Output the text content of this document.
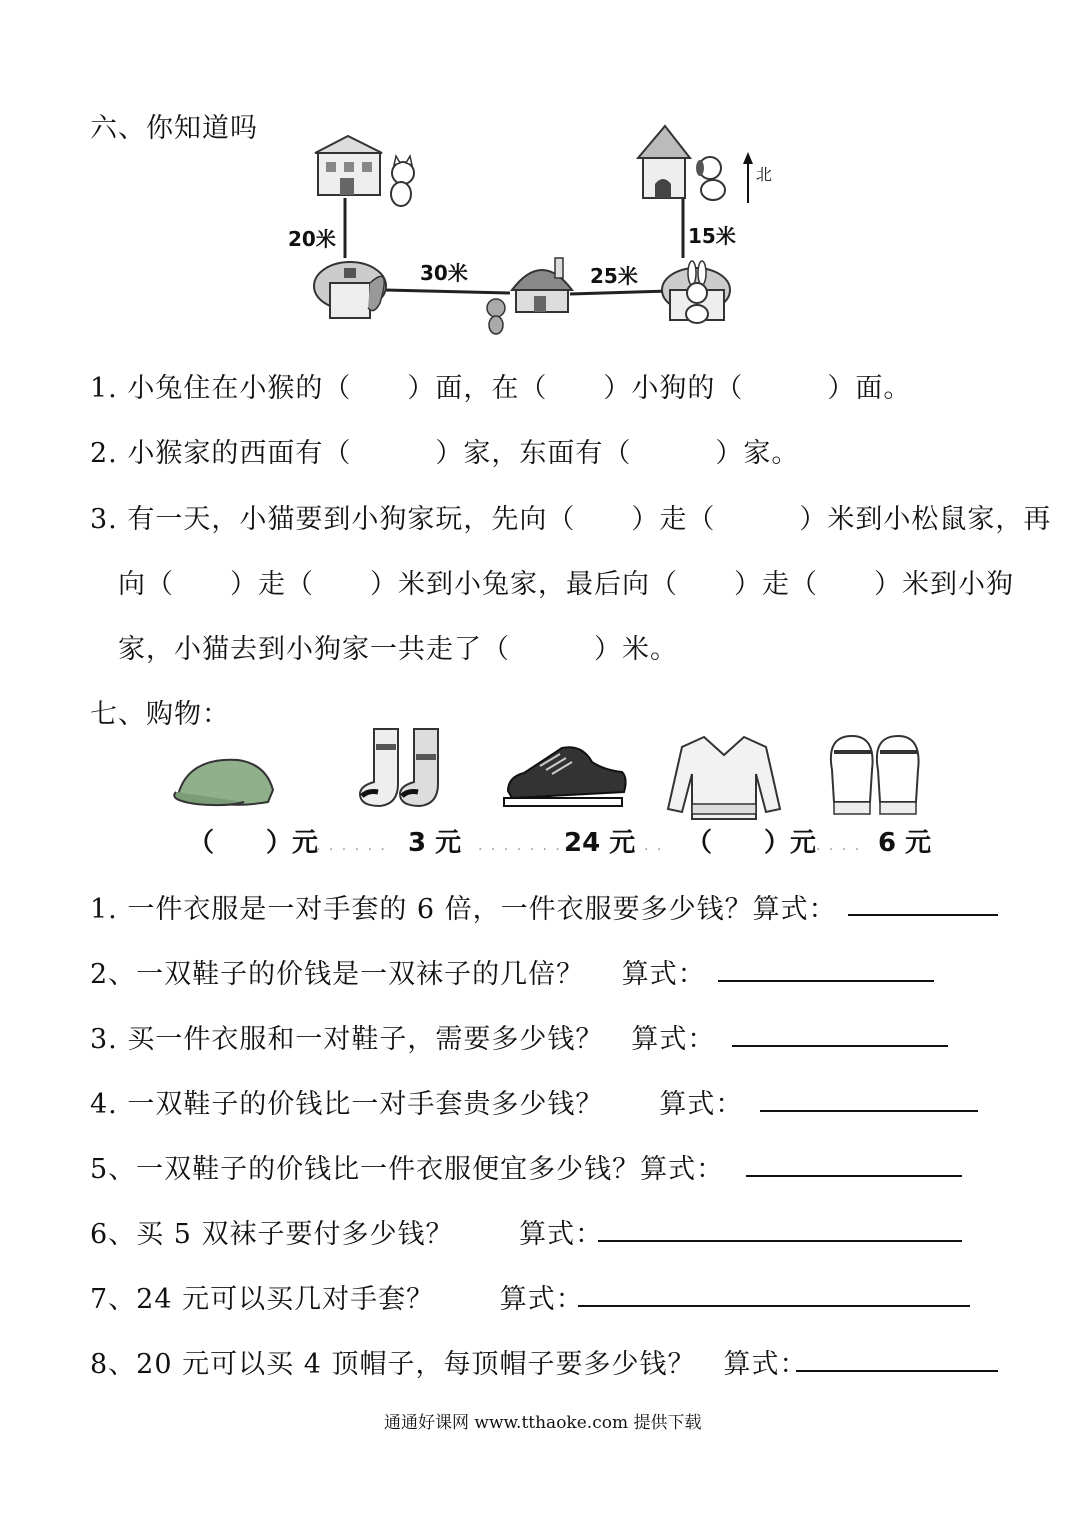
六、你知道吗
北
20米
30米	25米
15米
1. 小兔住在小猴的（　　）面，在（　　）小狗的（　　　）面。
2. 小猴家的西面有（　　　）家，东面有（　　　）家。
3. 有一天，小猫要到小狗家玩，先向（　　）走（　　　）米到小松鼠家，再
向（　　）走（　　）米到小兔家，最后向（　　）走（　　）米到小狗
家，小猫去到小狗家一共走了（　　　）米。
七、购物：
（　　）元
. . . . . . 3 元 . . . . . . . 24 元 . . （　　）元 . . . . 6 元
1. 一件衣服是一对手套的 6 倍，一件衣服要多少钱？算式：
2、一双鞋子的价钱是一双袜子的几倍？　 算式：
3. 买一件衣服和一对鞋子，需要多少钱？　算式：
4. 一双鞋子的价钱比一对手套贵多少钱？　　算式：
5、一双鞋子的价钱比一件衣服便宜多少钱？算式：
6、买 5 双袜子要付多少钱？　　 算式：
7、24 元可以买几对手套？　　 算式：
8、20 元可以买 4 顶帽子，每顶帽子要多少钱？　算式：
通通好课网 www.tthaoke.com 提供下载
